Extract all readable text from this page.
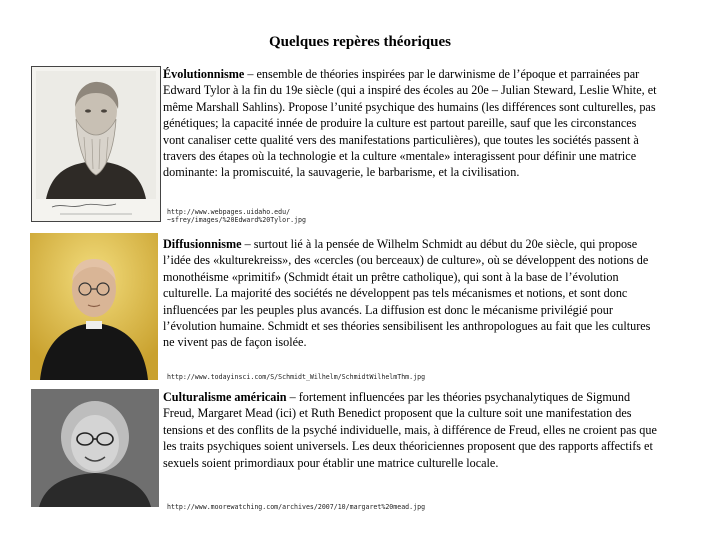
Quelques repères théoriques
Évolutionnisme – ensemble de théories inspirées par le darwinisme de l’époque et parrainées par Edward Tylor à la fin du 19e siècle (qui a inspiré des écoles au 20e – Julian Steward, Leslie White, et même Marshall Sahlins). Propose l’unité psychique des humains (les différences sont culturelles, pas génétiques; la capacité innée de produire la culture est partout pareille, sauf que les circonstances vont canaliser cette qualité vers des manifestations particulières), que toutes les sociétés passent à travers des étapes où la technologie et la culture «mentale» interagissent pour définir une matrice dominante: la promiscuité, la sauvagerie, le barbarisme, et la civilisation.
http://www.webpages.uidaho.edu/
~sfrey/images/%20Edward%20Tylor.jpg
Diffusionnisme – surtout lié à la pensée de Wilhelm Schmidt au début du 20e siècle, qui propose l’idée des «kulturekreiss», des «cercles (ou berceaux) de culture», où se développent des notions de monothéisme «primitif» (Schmidt était un prêtre catholique), qui sont à la base de l’évolution culturelle. La majorité des sociétés ne développent pas tels mécanismes et notions, et sont donc influencées par les peuples plus avancés. La diffusion est donc le mécanisme privilégié pour l’évolution humaine. Schmidt et ses théories sensibilisent les anthropologues au fait que les cultures ne vivent pas de façon isolée.
http://www.todayinsci.com/S/Schmidt_Wilhelm/SchmidtWilhelmThm.jpg
Culturalisme américain – fortement influencées par les théories psychanalytiques de Sigmund Freud, Margaret Mead (ici) et Ruth Benedict proposent que la culture soit une manifestation des tensions et des conflits de la psyché individuelle, mais, à différence de Freud, elles ne croient pas que les traits psychiques soient universels. Les deux théoriciennes proposent que des rapports affectifs et sexuels soient primordiaux pour établir une matrice culturelle locale.
http://www.moorewatching.com/archives/2007/10/margaret%20mead.jpg
